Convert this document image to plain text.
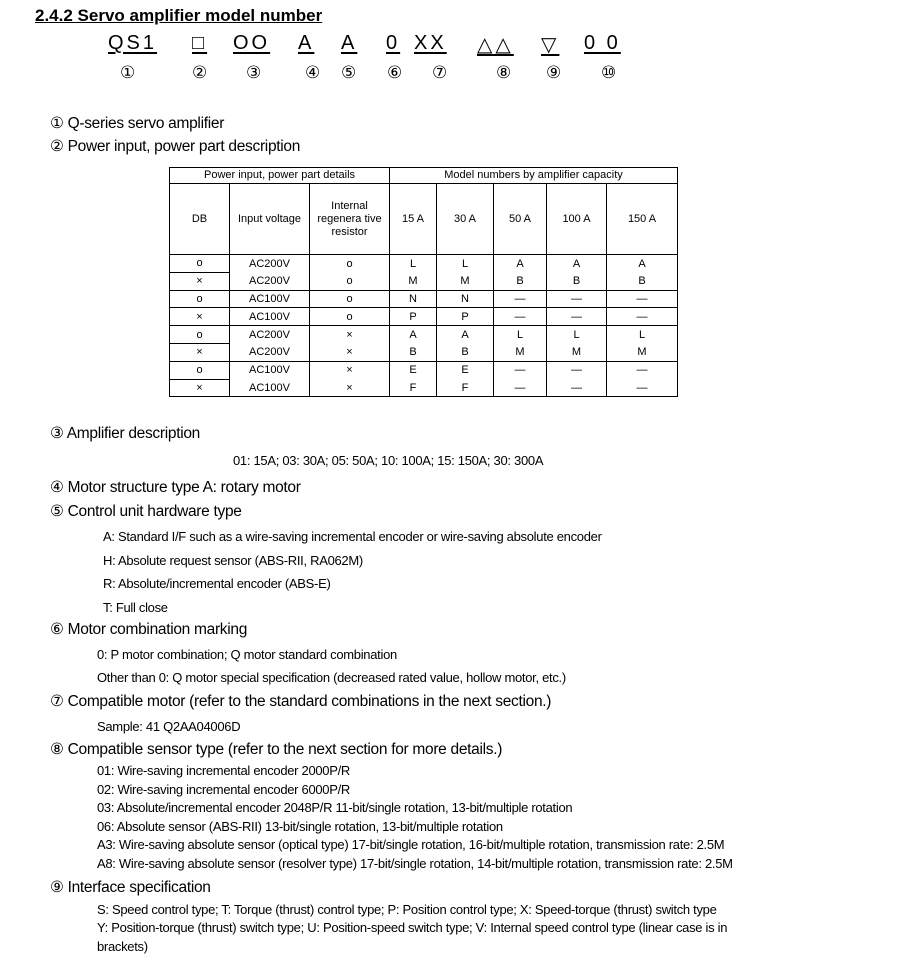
2.4.2 Servo amplifier model number
QS1 □ OO A A 0 XX △△ ▽ 0 0
①	② ③	④ ⑤ ⑥ ⑦	⑧ ⑨ ⑩
① Q-series servo amplifier
② Power input, power part description
Power input, power part details			Model numbers by amplifier capacity				
DB	Input voltage	Internal regenera tive resistor	15 A	30 A	50 A	100 A	150 A
o	AC200V	o	L	L	A	A	A
×	AC200V	o	M	M	B	B	B
o	AC100V	o	N	N	—	—	—
×	AC100V	o	P	P	—	—	—
o	AC200V	×	A	A	L	L	L
×	AC200V	×	B	B	M	M	M
o	AC100V	×	E	E	—	—	—
×	AC100V	×	F	F	—	—	—
③ Amplifier description
01: 15A; 03: 30A; 05: 50A; 10: 100A; 15: 150A; 30: 300A
④ Motor structure type A: rotary motor
⑤ Control unit hardware type
A: Standard I/F such as a wire-saving incremental encoder or wire-saving absolute encoder
H: Absolute request sensor (ABS-RII, RA062M)
R: Absolute/incremental encoder (ABS-E)
T: Full close
⑥ Motor combination marking
0: P motor combination; Q motor standard combination
Other than 0: Q motor special specification (decreased rated value, hollow motor, etc.)
⑦ Compatible motor (refer to the standard combinations in the next section.)
Sample: 41 Q2AA04006D
⑧ Compatible sensor type (refer to the next section for more details.)
01: Wire-saving incremental encoder 2000P/R
02: Wire-saving incremental encoder 6000P/R
03: Absolute/incremental encoder 2048P/R 11-bit/single rotation, 13-bit/multiple rotation
06: Absolute sensor (ABS-RII) 13-bit/single rotation, 13-bit/multiple rotation
A3: Wire-saving absolute sensor (optical type) 17-bit/single rotation, 16-bit/multiple rotation, transmission rate: 2.5M
A8: Wire-saving absolute sensor (resolver type) 17-bit/single rotation, 14-bit/multiple rotation, transmission rate: 2.5M
⑨ Interface specification
S: Speed control type; T: Torque (thrust) control type; P: Position control type; X: Speed-torque (thrust) switch type
Y: Position-torque (thrust) switch type; U: Position-speed switch type; V: Internal speed control type (linear case is in
brackets)
